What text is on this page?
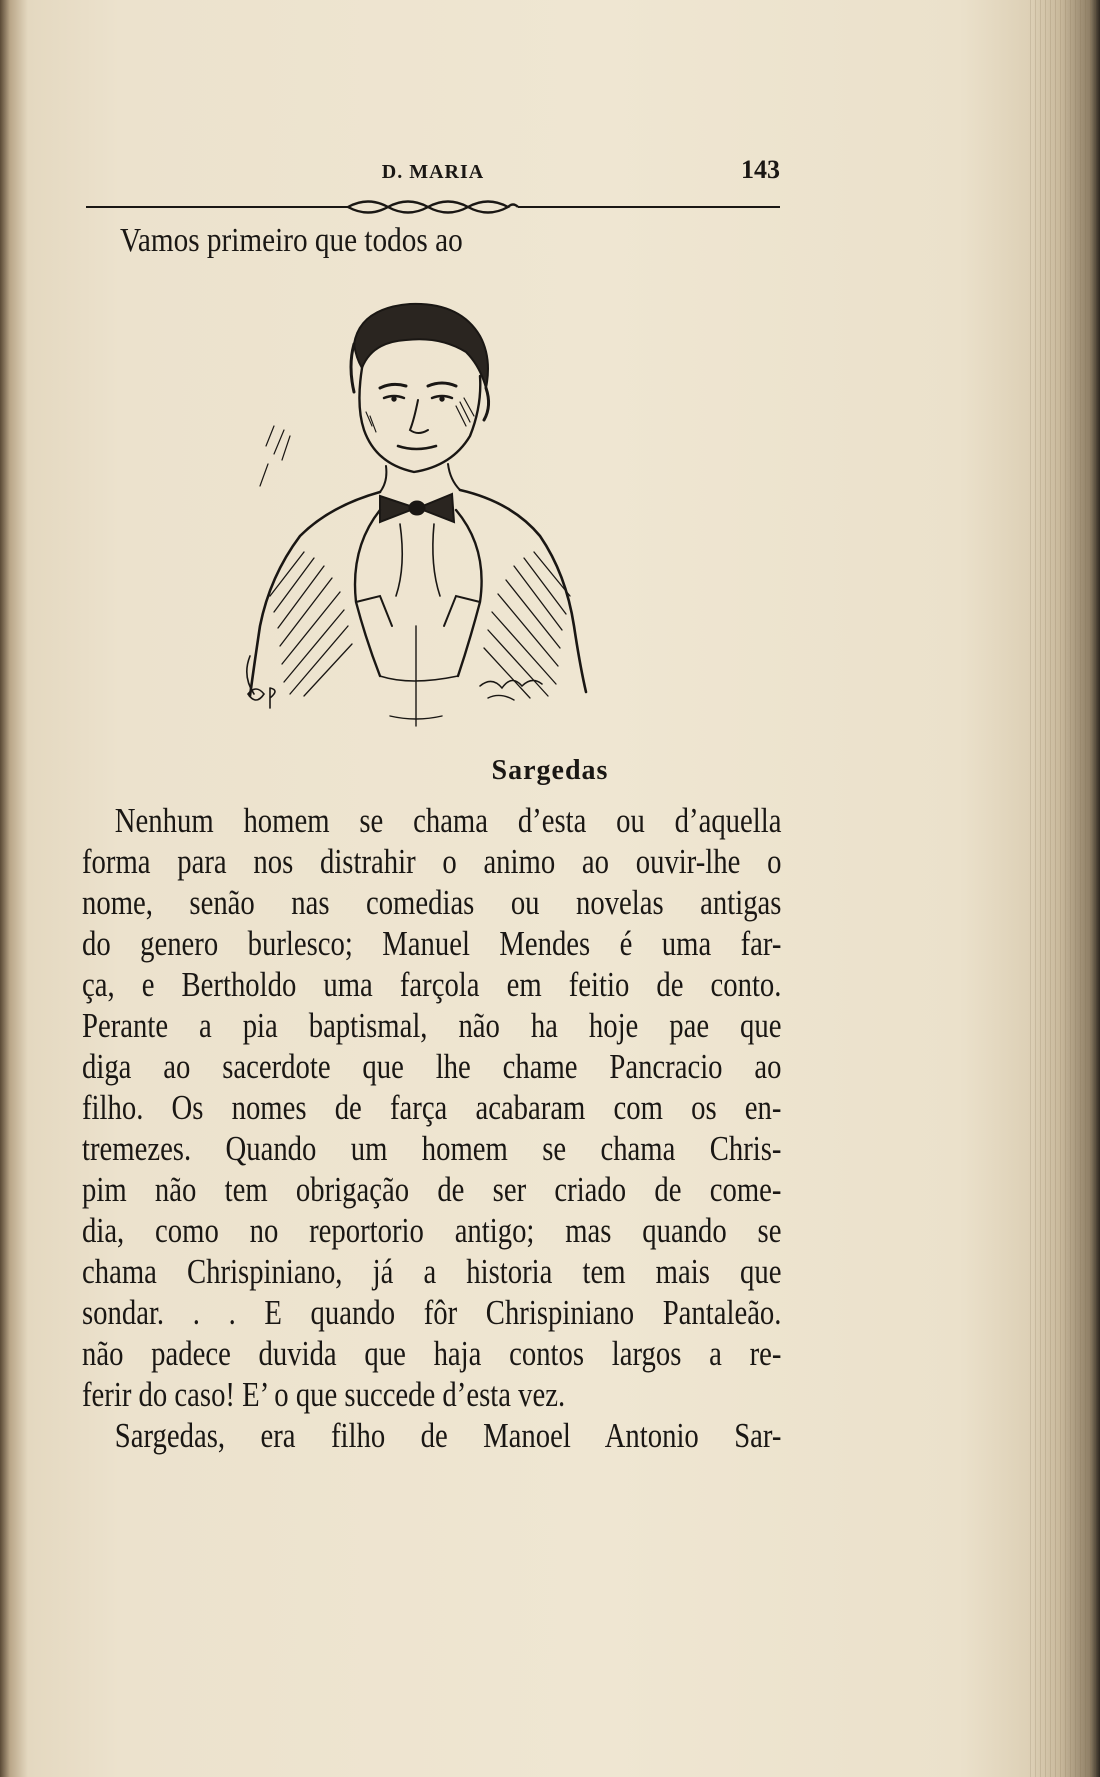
D. MARIA	143
Vamos primeiro que todos ao
Sargedas
Nenhum homem se chama d’esta ou d’aquella
forma para nos distrahir o animo ao ouvir-lhe o
nome, senão nas comedias ou novelas antigas
do genero burlesco; Manuel Mendes é uma far-
ça, e Bertholdo uma farçola em feitio de conto.
Perante a pia baptismal, não ha hoje pae que
diga ao sacerdote que lhe chame Pancracio ao
filho. Os nomes de farça acabaram com os en-
tremezes. Quando um homem se chama Chris-
pim não tem obrigação de ser criado de come-
dia, como no reportorio antigo; mas quando se
chama Chrispiniano, já a historia tem mais que
sondar. . . E quando fôr Chrispiniano Pantaleão.
não padece duvida que haja contos largos a re-
ferir do caso! E’ o que succede d’esta vez.
Sargedas, era filho de Manoel Antonio Sar-
